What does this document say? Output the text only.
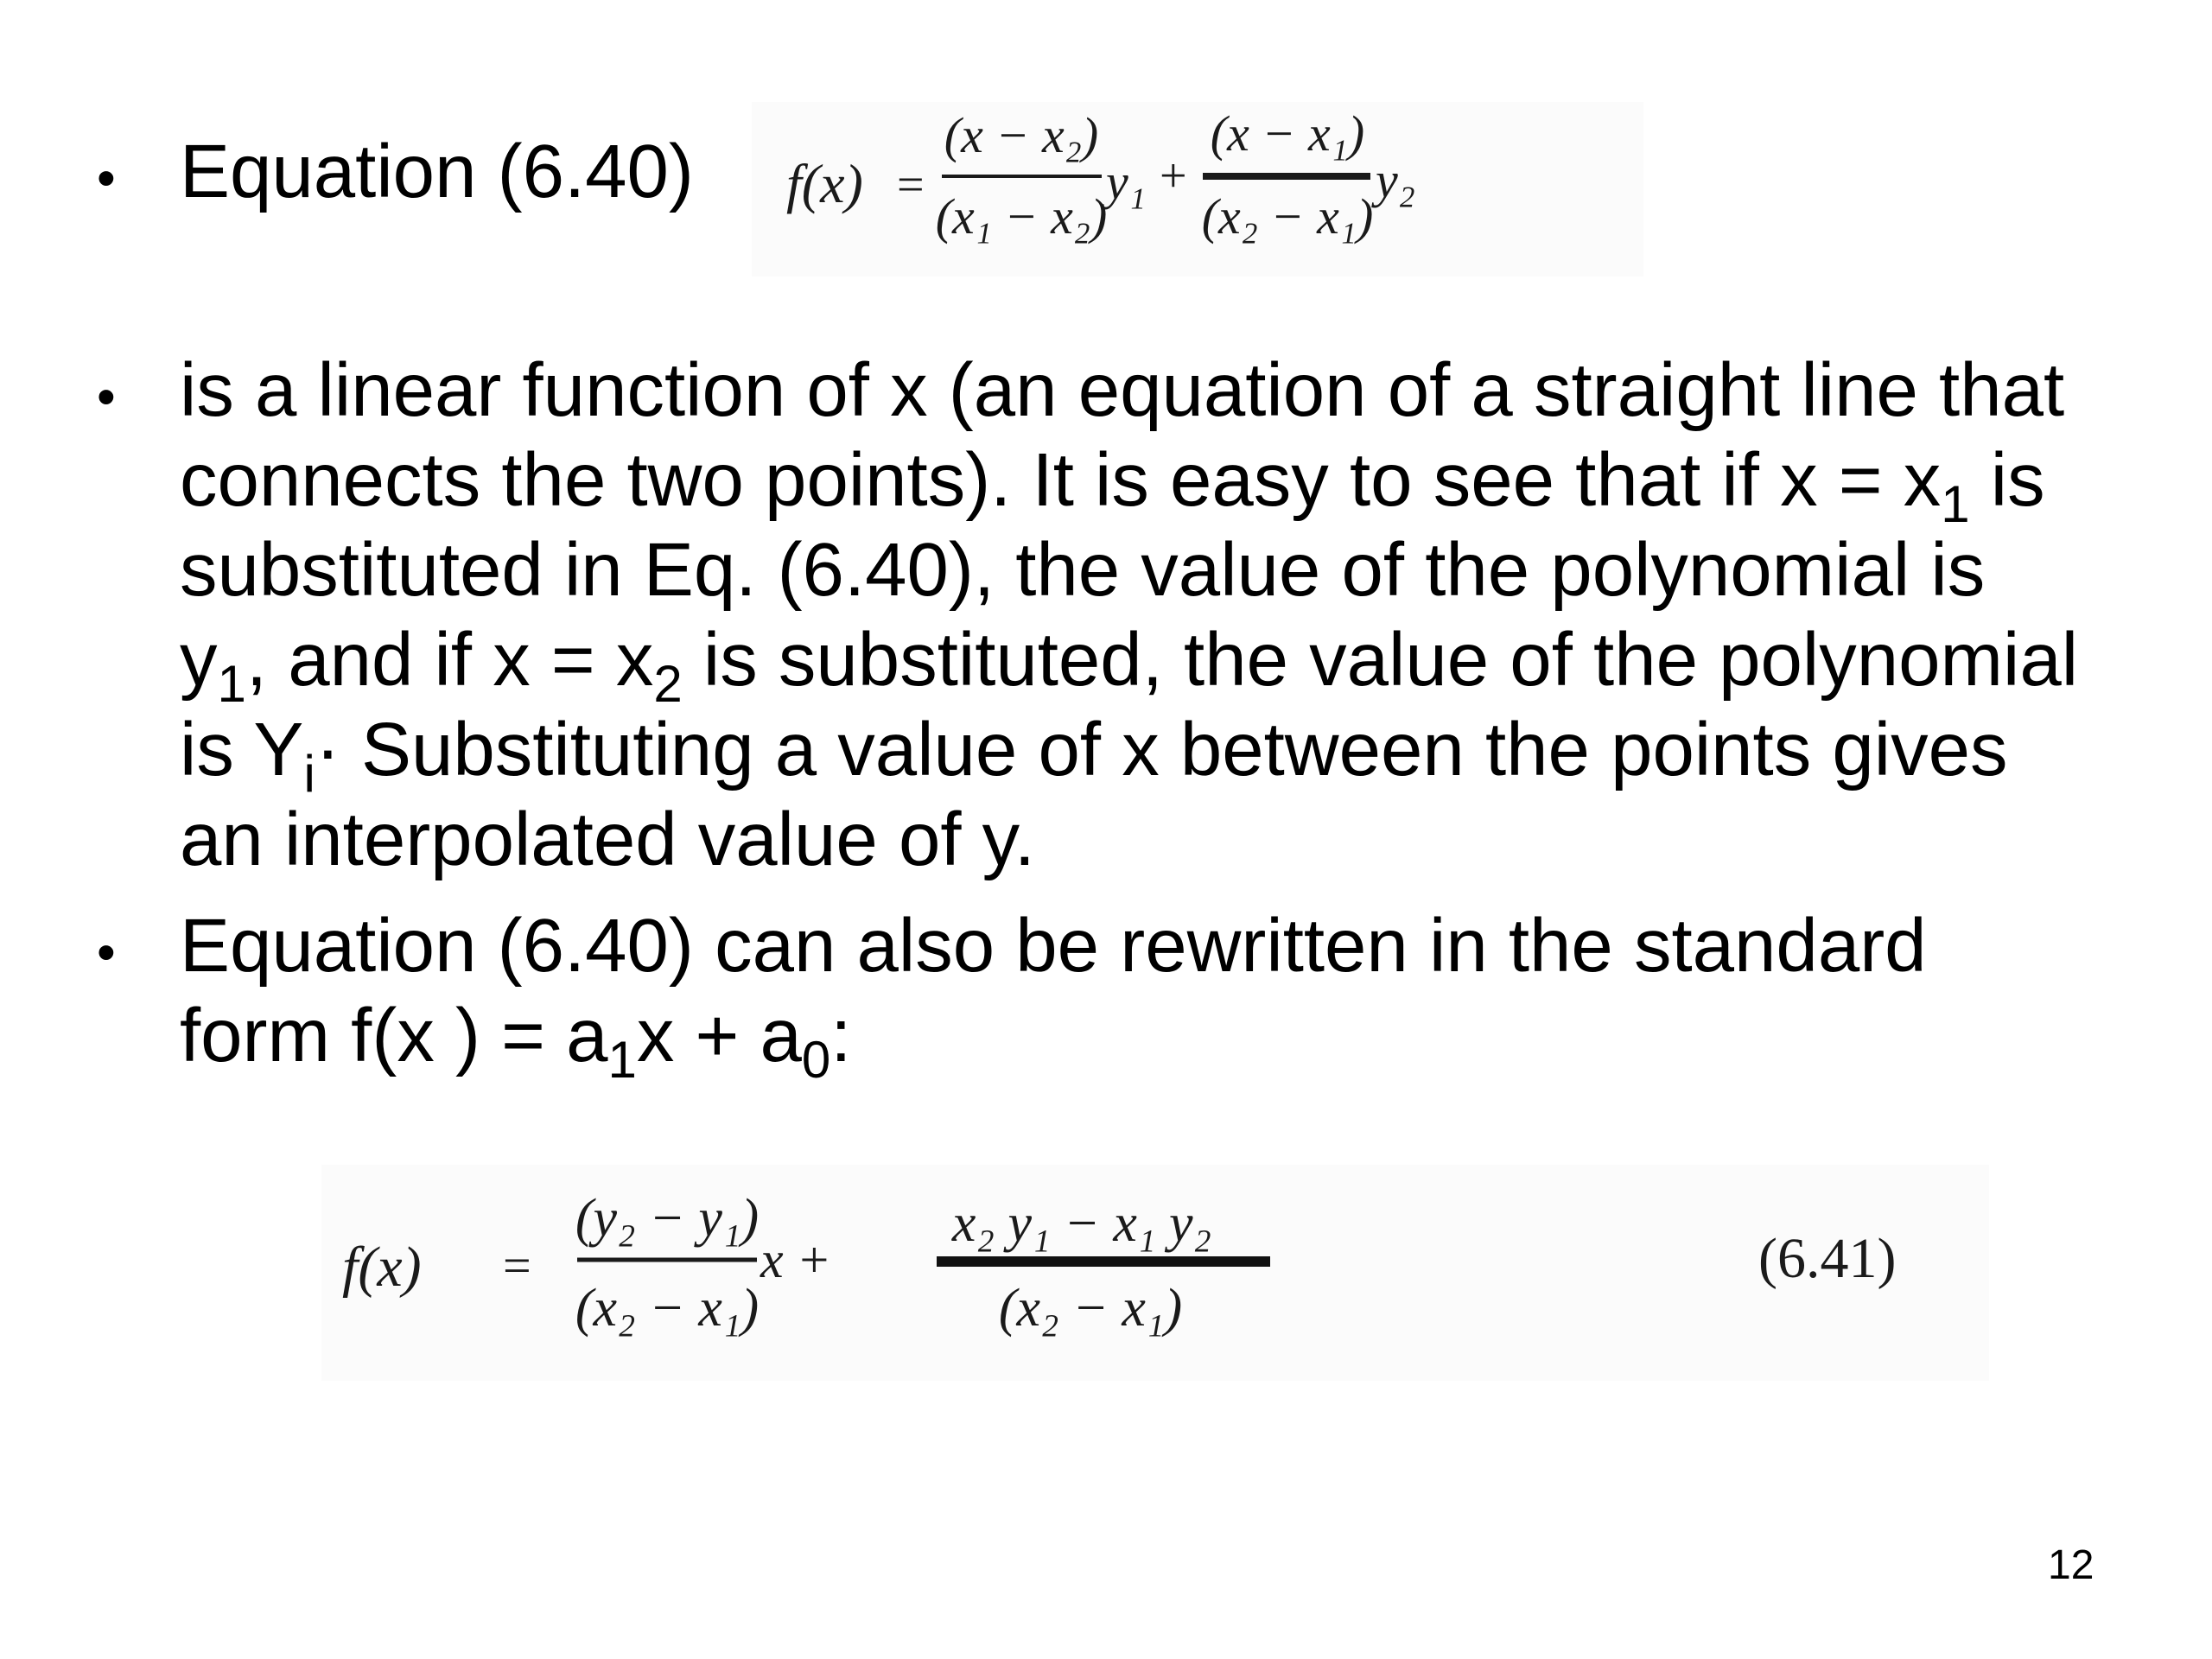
• Equation (6.40) f(x) =
(x − x₂)
(x₁ − x₂)
y₁ +
(x − x₁)
(x₂ − x₁)
y₂
• is a linear function of x (an equation of a straight line that
connects the two points). It is easy to see that if $x = x_1$ is
substituted in Eq. (6.40), the value of the polynomial is
$y_1$, and if $x = x_2$ is substituted, the value of the polynomial
is $Y_i\cdot$ Substituting a value of x between the points gives
an interpolated value of y.
• Equation (6.40) can also be rewritten in the standard
form f(x ) = $a_1x + a_0$:
f(x) =
(y₂ − y₁)
(x₂ − x₁)
x +
x₂ y₁ − x₁ y₂
(x₂ − x₁)
(6.41)
12
